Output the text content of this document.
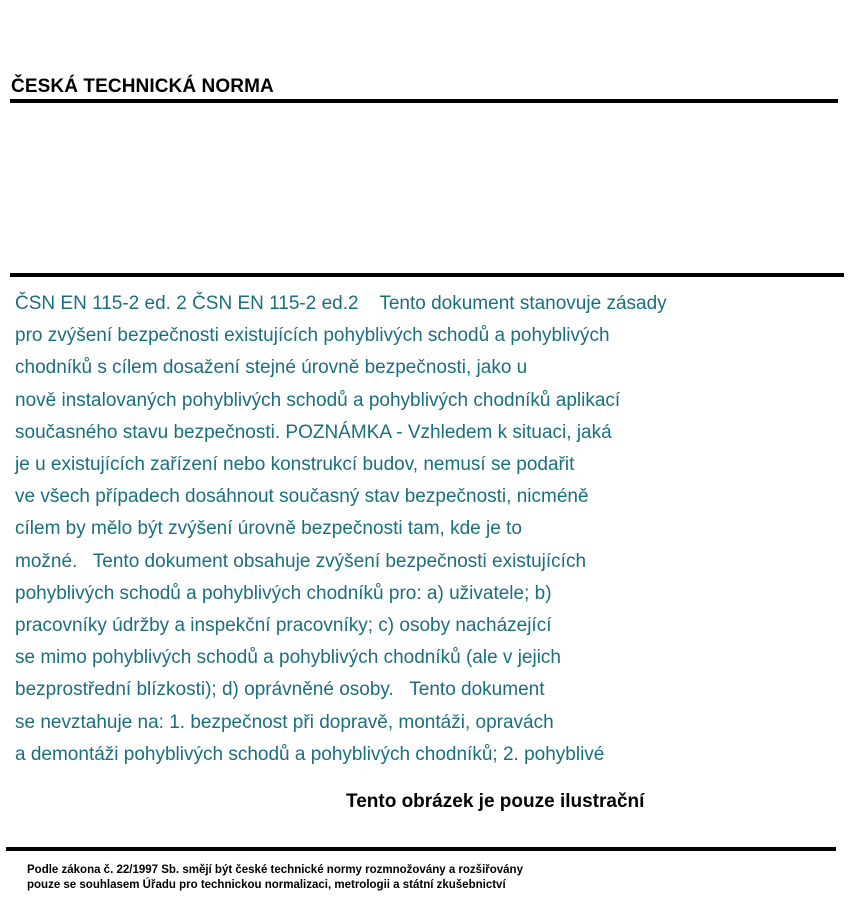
ČESKÁ TECHNICKÁ NORMA
ČSN EN 115-2 ed. 2 ČSN EN 115-2 ed.2    Tento dokument stanovuje zásady
pro zvýšení bezpečnosti existujících pohyblivých schodů a pohyblivých
chodníků s cílem dosažení stejné úrovně bezpečnosti, jako u
nově instalovaných pohyblivých schodů a pohyblivých chodníků aplikací
současného stavu bezpečnosti. POZNÁMKA - Vzhledem k situaci, jaká
je u existujících zařízení nebo konstrukcí budov, nemusí se podařit
ve všech případech dosáhnout současný stav bezpečnosti, nicméně
cílem by mělo být zvýšení úrovně bezpečnosti tam, kde je to
možné.   Tento dokument obsahuje zvýšení bezpečnosti existujících
pohyblivých schodů a pohyblivých chodníků pro: a) uživatele; b)
pracovníky údržby a inspekční pracovníky; c) osoby nacházející
se mimo pohyblivých schodů a pohyblivých chodníků (ale v jejich
bezprostřední blízkosti); d) oprávněné osoby.   Tento dokument
se nevztahuje na: 1. bezpečnost při dopravě, montáži, opravách
a demontáži pohyblivých schodů a pohyblivých chodníků; 2. pohyblivé
Tento obrázek je pouze ilustrační
Podle zákona č. 22/1997 Sb. smějí být české technické normy rozmnožovány a rozšiřovány
pouze se souhlasem Úřadu pro technickou normalizaci, metrologii a státní zkušebnictví
